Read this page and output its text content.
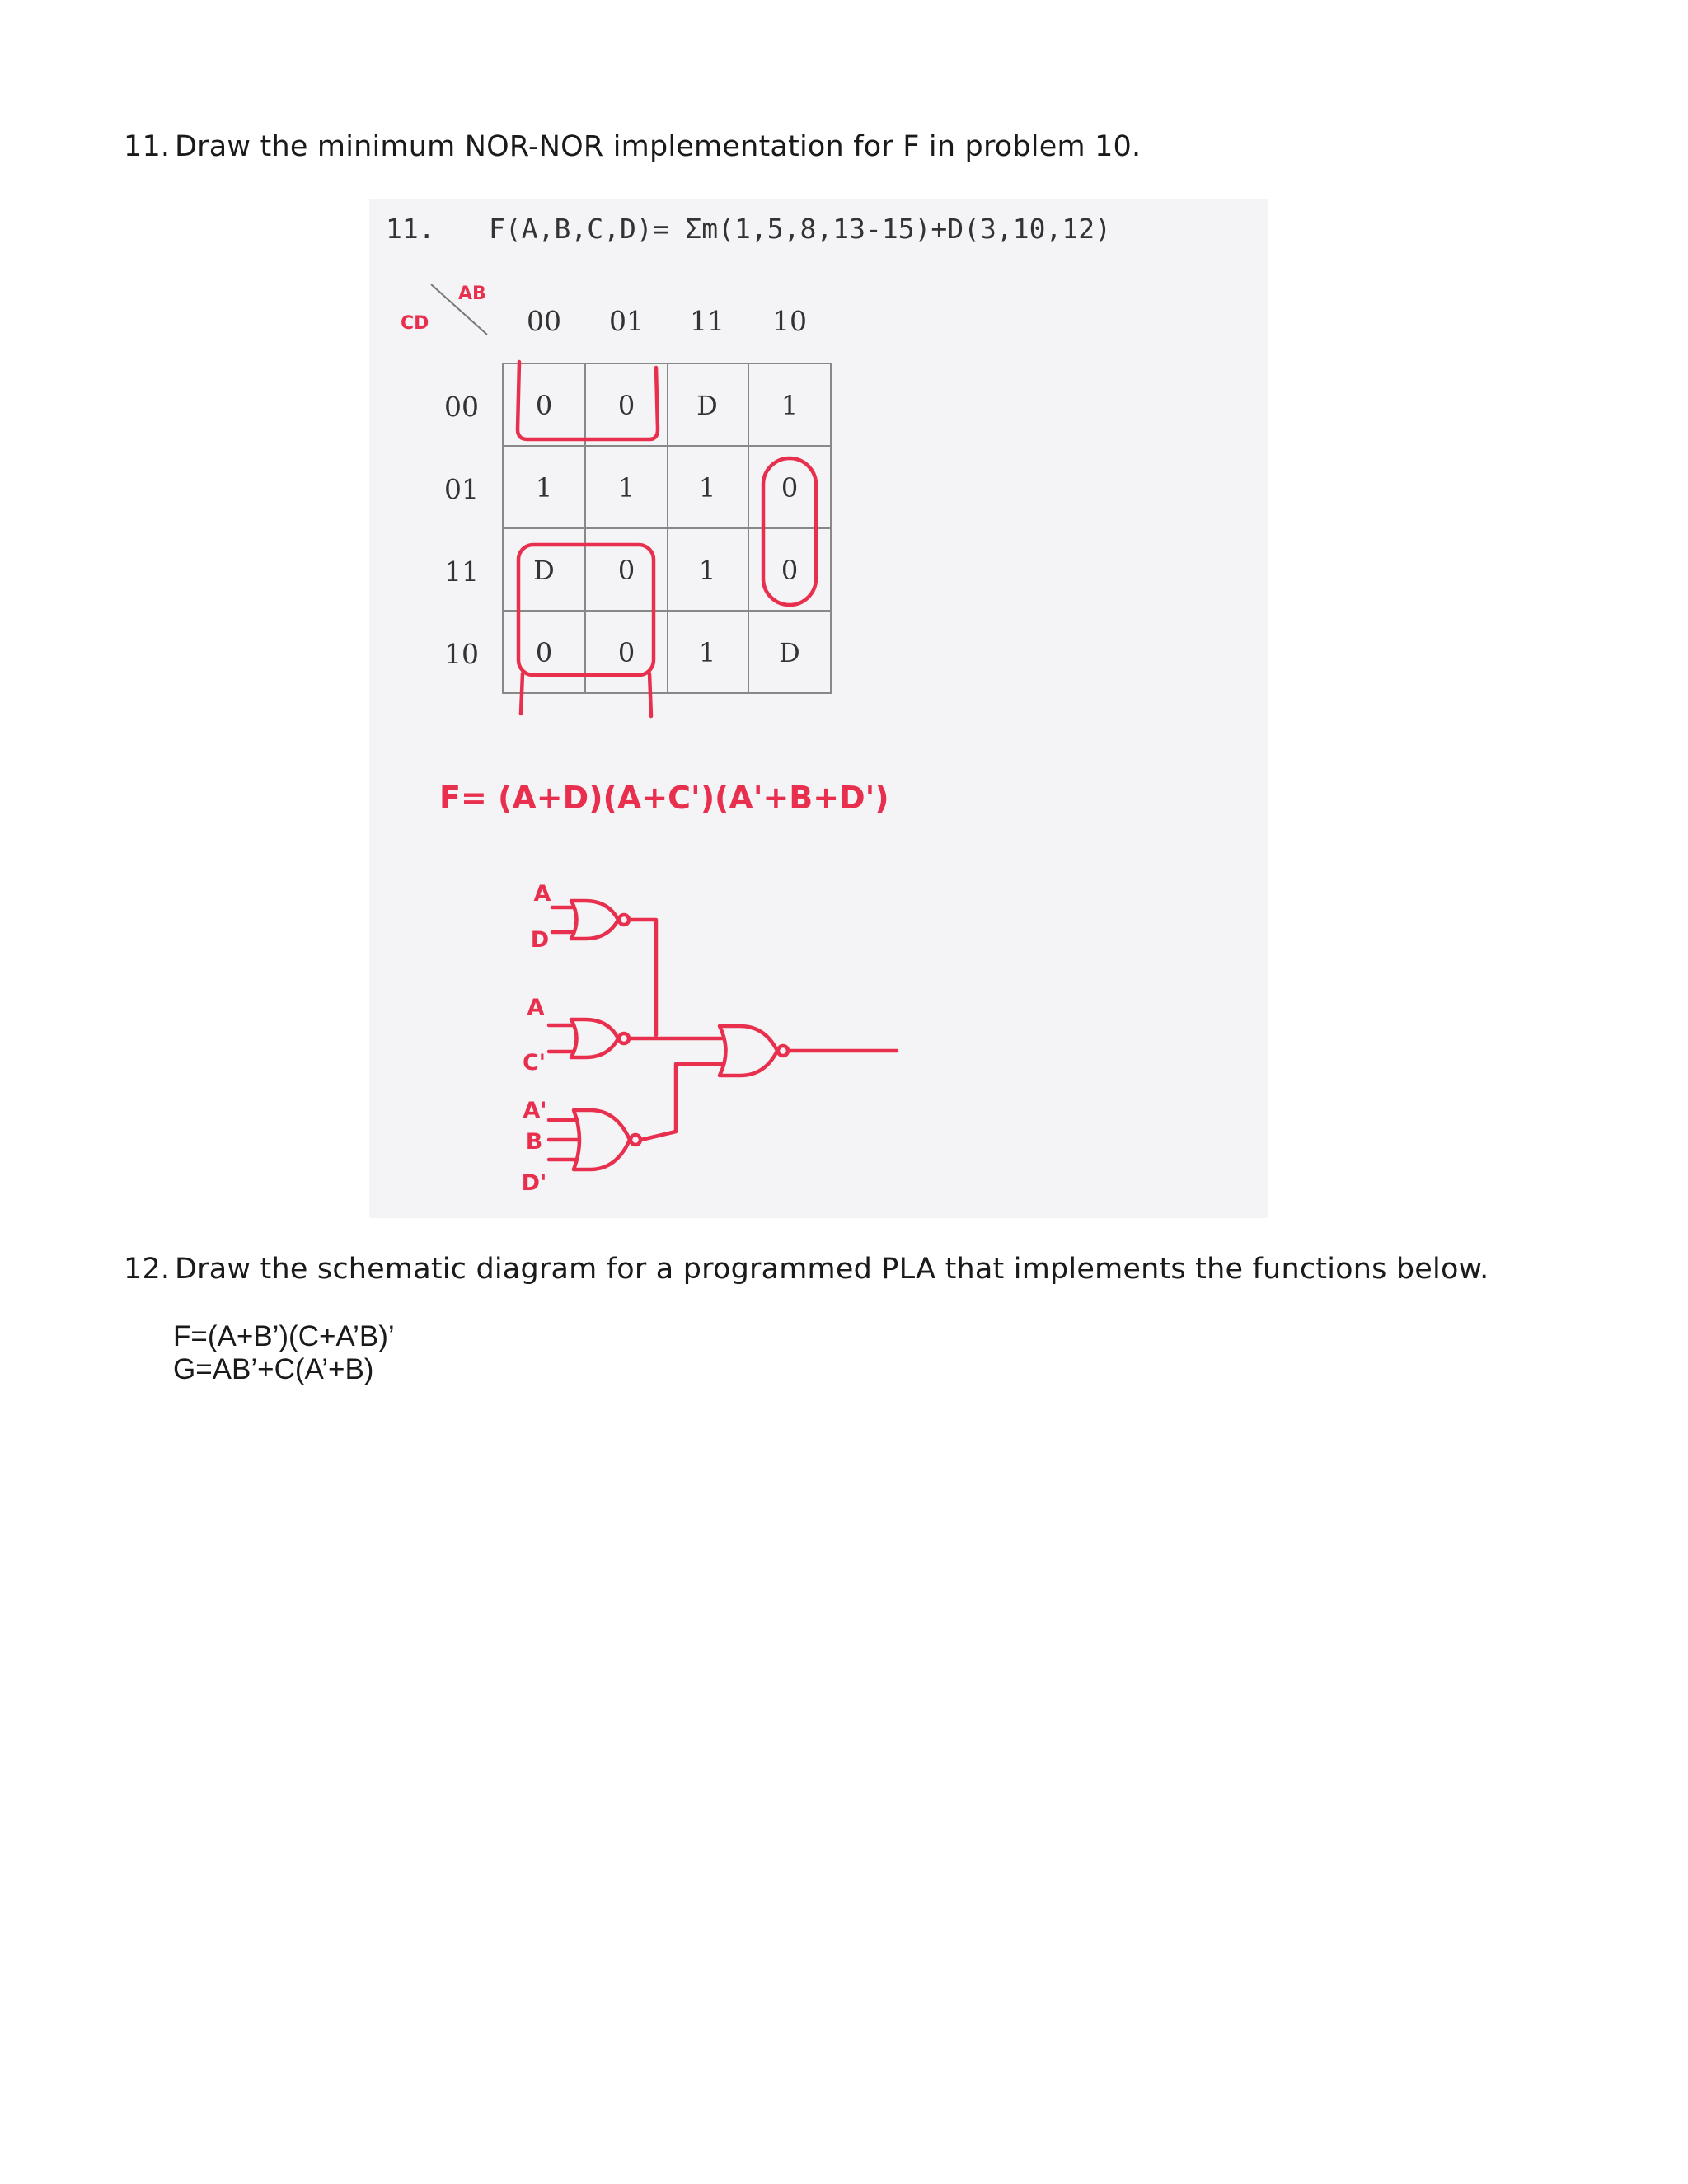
11. Draw the minimum NOR-NOR implementation for F in problem 10.
11. F(A,B,C,D)= Σm(1,5,8,13-15)+D(3,10,12)
AB
CD	00 01 11 10
00
01
11
10
0 0 D 1
1 1 1 0
D 0 1 0
0 0 1 D
F= (A+D)(A+C')(A'+B+D')
A
D
A
C'
A'
B
D'
12. Draw the schematic diagram for a programmed PLA that implements the functions below.
F=(A+B’)(C+A’B)’
G=AB’+C(A’+B)
